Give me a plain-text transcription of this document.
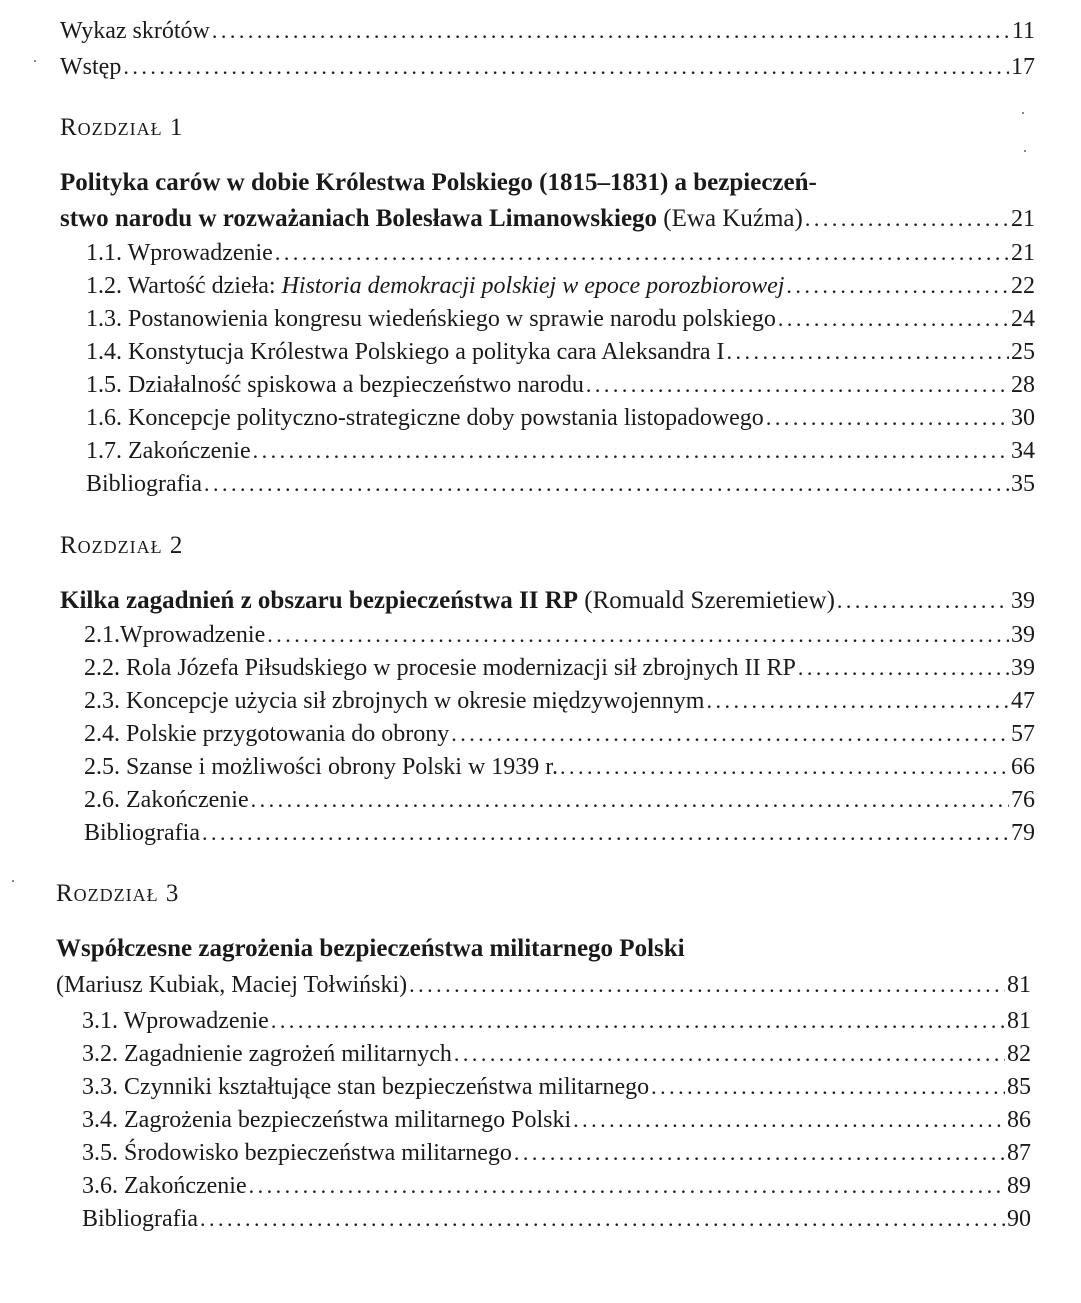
Wykaz skrótów . . .	11
Wstęp . . .	17
Rozdział 1
Polityka carów w dobie Królestwa Polskiego (1815–1831) a bezpieczeń-
stwo narodu w rozważaniach Bolesława Limanowskiego (Ewa Kuźma) . . .	21
1.1. Wprowadzenie . . .	21
1.2. Wartość dzieła: Historia demokracji polskiej w epoce porozbiorowej . . .	22
1.3. Postanowienia kongresu wiedeńskiego w sprawie narodu polskiego . . .	24
1.4. Konstytucja Królestwa Polskiego a polityka cara Aleksandra I . . .	25
1.5. Działalność spiskowa a bezpieczeństwo narodu . . .	28
1.6. Koncepcje polityczno-strategiczne doby powstania listopadowego . . .	30
1.7. Zakończenie . . .	34
Bibliografia . . .	35
Rozdział 2
Kilka zagadnień z obszaru bezpieczeństwa II RP (Romuald Szeremietiew) . . .	39
2.1.Wprowadzenie . . .	39
2.2. Rola Józefa Piłsudskiego w procesie modernizacji sił zbrojnych II RP . . .	39
2.3. Koncepcje użycia sił zbrojnych w okresie międzywojennym . . .	47
2.4. Polskie przygotowania do obrony . . .	57
2.5. Szanse i możliwości obrony Polski w 1939 r. . . .	66
2.6. Zakończenie . . .	76
Bibliografia . . .	79
Rozdział 3
Współczesne zagrożenia bezpieczeństwa militarnego Polski
(Mariusz Kubiak, Maciej Tołwiński) . . .	81
3.1. Wprowadzenie . . .	81
3.2. Zagadnienie zagrożeń militarnych . . .	82
3.3. Czynniki kształtujące stan bezpieczeństwa militarnego . . .	85
3.4. Zagrożenia bezpieczeństwa militarnego Polski . . .	86
3.5. Środowisko bezpieczeństwa militarnego . . .	87
3.6. Zakończenie . . .	89
Bibliografia . . .	90
